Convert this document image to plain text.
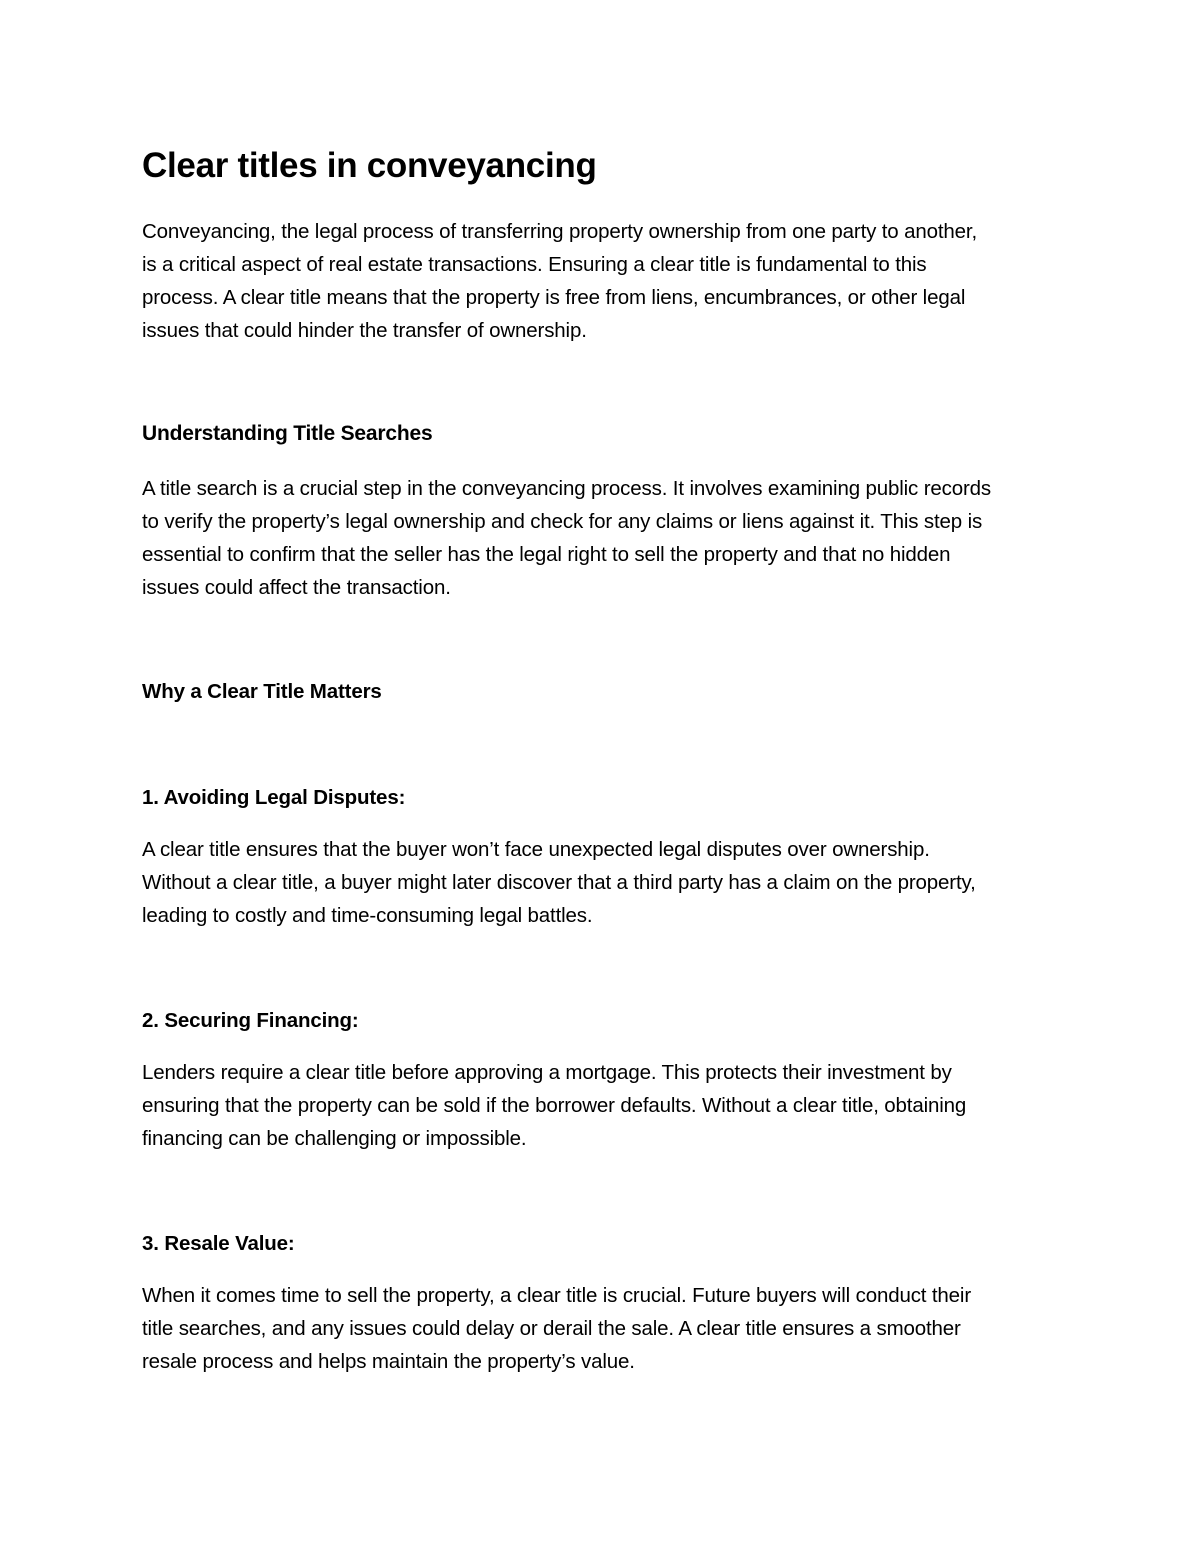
Clear titles in conveyancing

Conveyancing, the legal process of transferring property ownership from one party to another,
is a critical aspect of real estate transactions. Ensuring a clear title is fundamental to this
process. A clear title means that the property is free from liens, encumbrances, or other legal
issues that could hinder the transfer of ownership.

Understanding Title Searches

A title search is a crucial step in the conveyancing process. It involves examining public records
to verify the property’s legal ownership and check for any claims or liens against it. This step is
essential to confirm that the seller has the legal right to sell the property and that no hidden
issues could affect the transaction.

Why a Clear Title Matters
1. Avoiding Legal Disputes:

A clear title ensures that the buyer won’t face unexpected legal disputes over ownership.
Without a clear title, a buyer might later discover that a third party has a claim on the property,
leading to costly and time-consuming legal battles.

2. Securing Financing:

Lenders require a clear title before approving a mortgage. This protects their investment by
ensuring that the property can be sold if the borrower defaults. Without a clear title, obtaining
financing can be challenging or impossible.

3. Resale Value:

When it comes time to sell the property, a clear title is crucial. Future buyers will conduct their
title searches, and any issues could delay or derail the sale. A clear title ensures a smoother
resale process and helps maintain the property’s value.
